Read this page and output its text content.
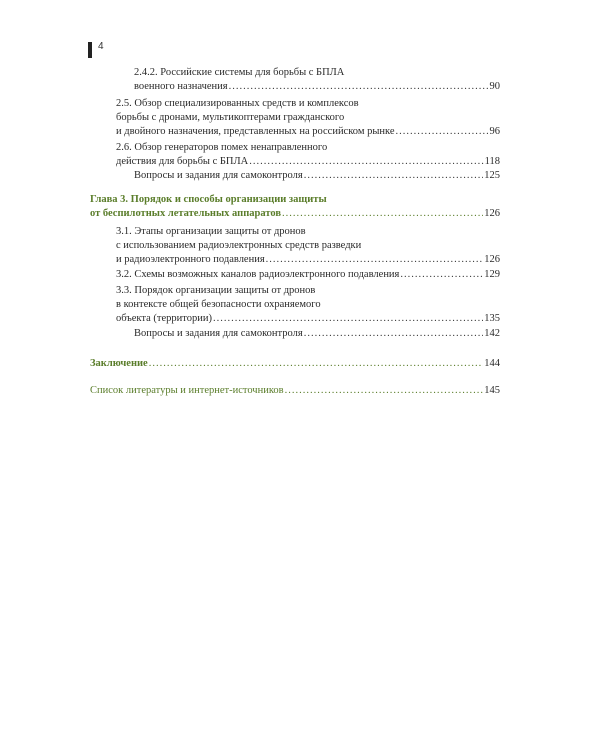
4
2.4.2. Российские системы для борьбы с БПЛА
военного назначения .....	90
2.5. Обзор специализированных средств и комплексов
борьбы с дронами, мультикоптерами гражданского
и двойного назначения, представленных на российском рынке .....	96
2.6. Обзор генераторов помех ненаправленного
действия для борьбы с БПЛА .....	118
Вопросы и задания для самоконтроля .....	125
Глава 3. Порядок и способы организации защиты
от беспилотных летательных аппаратов .....	126
3.1. Этапы организации защиты от дронов
с использованием радиоэлектронных средств разведки
и радиоэлектронного подавления .....	126
3.2. Схемы возможных каналов радиоэлектронного подавления .....	129
3.3. Порядок организации защиты от дронов
в контексте общей безопасности охраняемого
объекта (территории) .....	135
Вопросы и задания для самоконтроля .....	142
Заключение .....	144
Список литературы и интернет-источников .....	145
